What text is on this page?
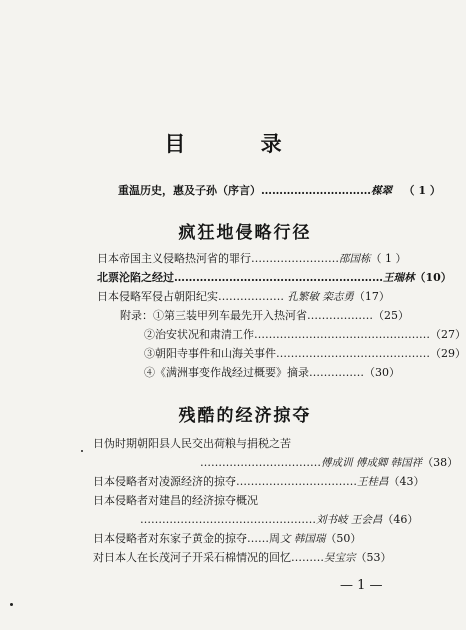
目 录
重温历史，惠及子孙（序言）…………………………楳翠 （ 1 ）
疯狂地侵略行径
日本帝国主义侵略热河省的罪行……………………邵国栋（ 1 ）
北票沦陷之经过…………………………………………………王瑞林（10）
日本侵略军侵占朝阳纪实……………… 孔繁敏 栾志勇（17）
附录：①第三装甲列车最先开入热河省………………（25）
②治安状况和肃清工作…………………………………………（27）
③朝阳寺事件和山海关事件……………………………………（29）
④《满洲事变作战经过概要》摘录……………（30）
残酷的经济掠夺
日伪时期朝阳县人民交出荷粮与捐税之苦
……………………………傅成训 傅成卿 韩国祥（38）
日本侵略者对凌源经济的掠夺……………………………王桂昌（43）
日本侵略者对建昌的经济掠夺概况
…………………………………………刘书岐 王会昌（46）
日本侵略者对东家子黄金的掠夺……周文 韩国瑞（50）
对日本人在长茂河子开采石棉情况的回忆………吴宝宗（53）
— 1 —
